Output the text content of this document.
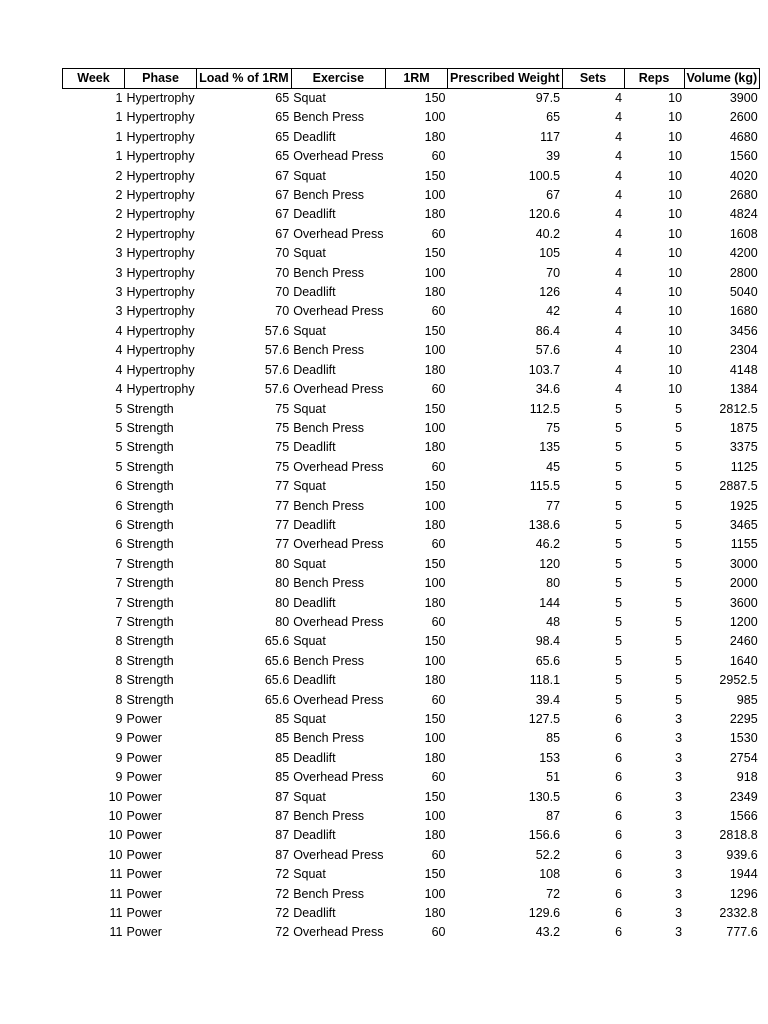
Week	Phase	Load % of 1RM	Exercise	1RM	Prescribed Weight	Sets	Reps	Volume (kg)
1	Hypertrophy	65	Squat	150	97.5	4	10	3900
1	Hypertrophy	65	Bench Press	100	65	4	10	2600
1	Hypertrophy	65	Deadlift	180	117	4	10	4680
1	Hypertrophy	65	Overhead Press	60	39	4	10	1560
2	Hypertrophy	67	Squat	150	100.5	4	10	4020
2	Hypertrophy	67	Bench Press	100	67	4	10	2680
2	Hypertrophy	67	Deadlift	180	120.6	4	10	4824
2	Hypertrophy	67	Overhead Press	60	40.2	4	10	1608
3	Hypertrophy	70	Squat	150	105	4	10	4200
3	Hypertrophy	70	Bench Press	100	70	4	10	2800
3	Hypertrophy	70	Deadlift	180	126	4	10	5040
3	Hypertrophy	70	Overhead Press	60	42	4	10	1680
4	Hypertrophy	57.6	Squat	150	86.4	4	10	3456
4	Hypertrophy	57.6	Bench Press	100	57.6	4	10	2304
4	Hypertrophy	57.6	Deadlift	180	103.7	4	10	4148
4	Hypertrophy	57.6	Overhead Press	60	34.6	4	10	1384
5	Strength	75	Squat	150	112.5	5	5	2812.5
5	Strength	75	Bench Press	100	75	5	5	1875
5	Strength	75	Deadlift	180	135	5	5	3375
5	Strength	75	Overhead Press	60	45	5	5	1125
6	Strength	77	Squat	150	115.5	5	5	2887.5
6	Strength	77	Bench Press	100	77	5	5	1925
6	Strength	77	Deadlift	180	138.6	5	5	3465
6	Strength	77	Overhead Press	60	46.2	5	5	1155
7	Strength	80	Squat	150	120	5	5	3000
7	Strength	80	Bench Press	100	80	5	5	2000
7	Strength	80	Deadlift	180	144	5	5	3600
7	Strength	80	Overhead Press	60	48	5	5	1200
8	Strength	65.6	Squat	150	98.4	5	5	2460
8	Strength	65.6	Bench Press	100	65.6	5	5	1640
8	Strength	65.6	Deadlift	180	118.1	5	5	2952.5
8	Strength	65.6	Overhead Press	60	39.4	5	5	985
9	Power	85	Squat	150	127.5	6	3	2295
9	Power	85	Bench Press	100	85	6	3	1530
9	Power	85	Deadlift	180	153	6	3	2754
9	Power	85	Overhead Press	60	51	6	3	918
10	Power	87	Squat	150	130.5	6	3	2349
10	Power	87	Bench Press	100	87	6	3	1566
10	Power	87	Deadlift	180	156.6	6	3	2818.8
10	Power	87	Overhead Press	60	52.2	6	3	939.6
11	Power	72	Squat	150	108	6	3	1944
11	Power	72	Bench Press	100	72	6	3	1296
11	Power	72	Deadlift	180	129.6	6	3	2332.8
11	Power	72	Overhead Press	60	43.2	6	3	777.6
